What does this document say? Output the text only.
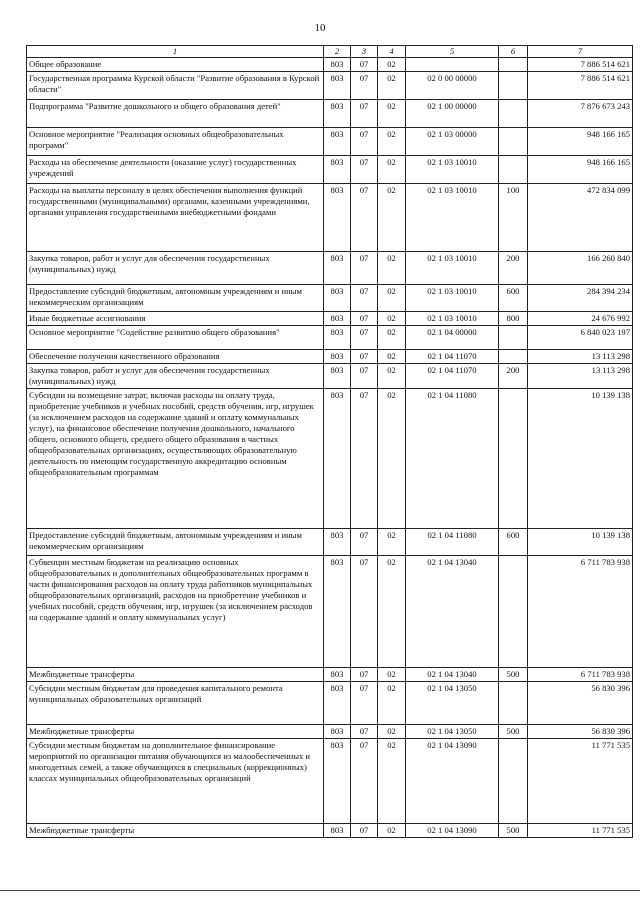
10
1	2	3	4	5	6	7
Общее образование	803	07	02			7 886 514 621
Государственная программа Курской области "Развитие образования в Курской области"	803	07	02	02 0 00 00000		7 886 514 621
Подпрограмма "Развитие дошкольного и общего образования детей"	803	07	02	02 1 00 00000		7 876 673 243
Основное мероприятие "Реализация основных общеобразовательных программ"	803	07	02	02 1 03 00000		948 166 165
Расходы на обеспечение деятельности (оказание услуг) государственных учреждений	803	07	02	02 1 03 10010		948 166 165
Расходы на выплаты персоналу в целях обеспечения выполнения функций государственными (муниципальными) органами, казенными учреждениями, органами управления государственными внебюджетными фондами	803	07	02	02 1 03 10010	100	472 834 099
Закупка товаров, работ и услуг для обеспечения государственных (муниципальных) нужд	803	07	02	02 1 03 10010	200	166 260 840
Предоставление субсидий бюджетным, автономным учреждениям и иным некоммерческим организациям	803	07	02	02 1 03 10010	600	284 394 234
Иные бюджетные ассигнования	803	07	02	02 1 03 10010	800	24 676 992
Основное мероприятие "Содействие развитию общего образования"	803	07	02	02 1 04 00000		6 840 023 197
Обеспечение получения качественного образования	803	07	02	02 1 04 11070		13 113 298
Закупка товаров, работ и услуг для обеспечения государственных (муниципальных) нужд	803	07	02	02 1 04 11070	200	13 113 298
Субсидии на возмещение затрат, включая расходы на оплату труда, приобретение учебников и учебных пособий, средств обучения, игр, игрушек (за исключением расходов на содержание зданий и оплату коммунальных услуг), на финансовое обеспечение получения дошкольного, начального общего, основного общего, среднего общего образования в частных общеобразовательных организациях, осуществляющих образовательную деятельность по имеющим государственную аккредитацию основным общеобразовательным программам	803	07	02	02 1 04 11080		10 139 138
Предоставление субсидий бюджетным, автономным учреждениям и иным некоммерческим организациям	803	07	02	02 1 04 11080	600	10 139 138
Субвенции местным бюджетам на реализацию основных общеобразовательных и дополнительных общеобразовательных программ в части финансирования расходов на оплату труда работников муниципальных общеобразовательных организаций, расходов на приобретение учебников и учебных пособий, средств обучения, игр, игрушек (за исключением расходов на содержание зданий и оплату коммунальных услуг)	803	07	02	02 1 04 13040		6 711 783 938
Межбюджетные трансферты	803	07	02	02 1 04 13040	500	6 711 783 938
Субсидии местным бюджетам для проведения капитального ремонта муниципальных образовательных организаций	803	07	02	02 1 04 13050		56 830 396
Межбюджетные трансферты	803	07	02	02 1 04 13050	500	56 830 396
Субсидии местным бюджетам на дополнительное финансирование мероприятий по организации питания обучающихся из малообеспеченных и многодетных семей, а также обучающихся в специальных (коррекционных) классах муниципальных общеобразовательных организаций	803	07	02	02 1 04 13090		11 771 535
Межбюджетные трансферты	803	07	02	02 1 04 13090	500	11 771 535
